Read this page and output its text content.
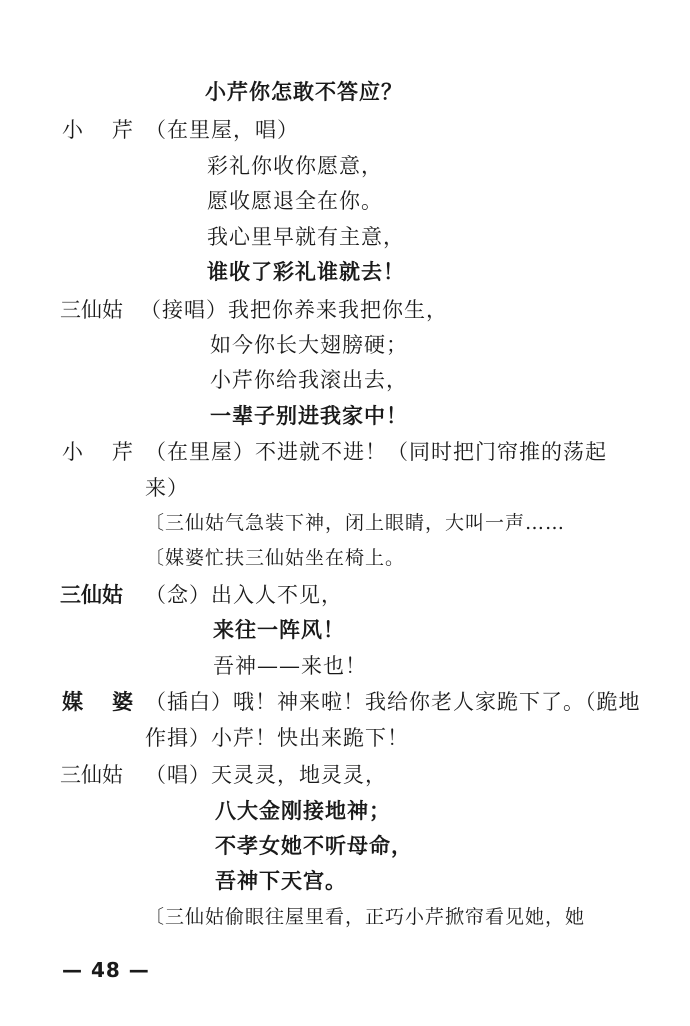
小芹你怎敢不答应？
小　芹 （在里屋，唱）
彩礼你收你愿意，
愿收愿退全在你。
我心里早就有主意，
谁收了彩礼谁就去！
三仙姑 （接唱）我把你养来我把你生，
如今你长大翅膀硬；
小芹你给我滚出去，
一辈子别进我家中！
小　芹 （在里屋）不进就不进！（同时把门帘推的荡起
来）
〔三仙姑气急装下神，闭上眼睛，大叫一声……
〔媒婆忙扶三仙姑坐在椅上。
三仙姑 （念）出入人不见，
来往一阵风！
吾神——来也！
媒　婆 （插白）哦！神来啦！我给你老人家跪下了。（跪地
作揖）小芹！快出来跪下！
三仙姑 （唱）天灵灵，地灵灵，
八大金刚接地神；
不孝女她不听母命，
吾神下天宫。
〔三仙姑偷眼往屋里看，正巧小芹掀帘看见她，她
— 48 —
